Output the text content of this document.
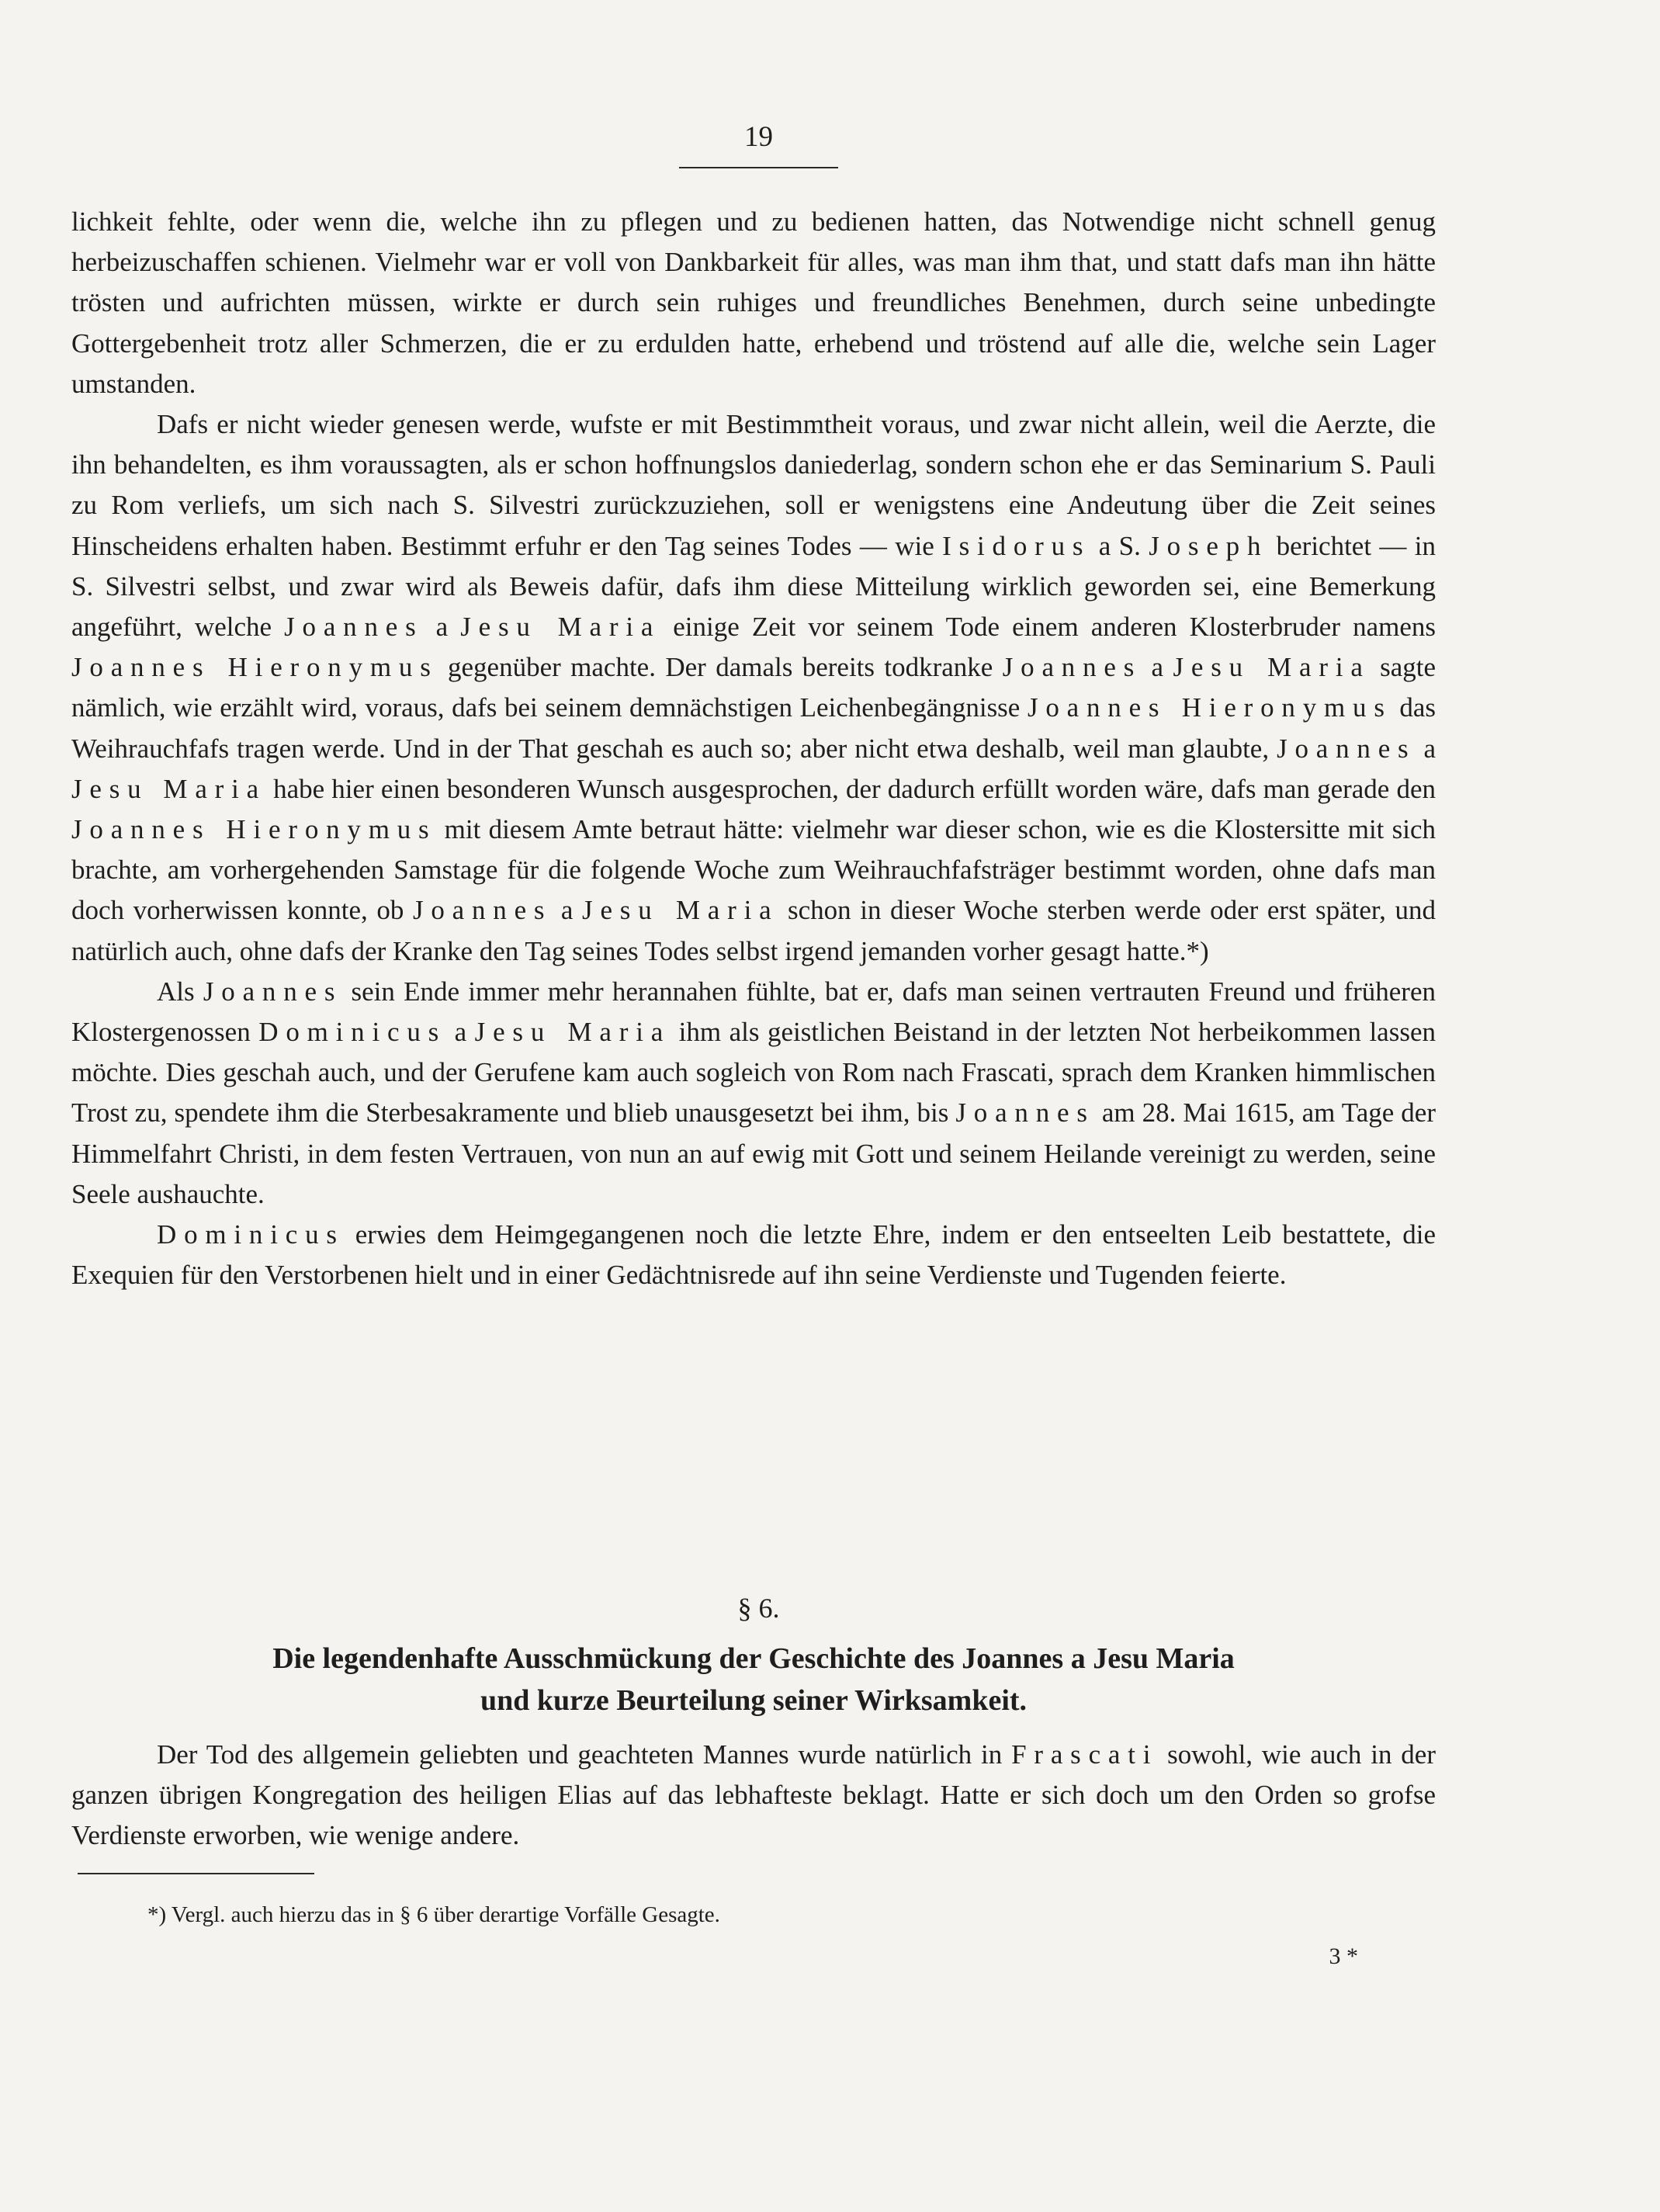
19

lichkeit fehlte, oder wenn die, welche ihn zu pflegen und zu bedienen hatten, das Notwendige nicht schnell genug herbeizuschaffen schienen. Vielmehr war er voll von Dankbarkeit für alles, was man ihm that, und statt dafs man ihn hätte trösten und aufrichten müssen, wirkte er durch sein ruhiges und freundliches Benehmen, durch seine unbedingte Gottergebenheit trotz aller Schmerzen, die er zu erdulden hatte, erhebend und tröstend auf alle die, welche sein Lager umstanden.

Dafs er nicht wieder genesen werde, wufste er mit Bestimmtheit voraus, und zwar nicht allein, weil die Aerzte, die ihn behandelten, es ihm voraussagten, als er schon hoffnungslos daniederlag, sondern schon ehe er das Seminarium S. Pauli zu Rom verliefs, um sich nach S. Silvestri zurückzuziehen, soll er wenigstens eine Andeutung über die Zeit seines Hinscheidens erhalten haben. Bestimmt erfuhr er den Tag seines Todes — wie Isidorus a S. Joseph berichtet — in S. Silvestri selbst, und zwar wird als Beweis dafür, dafs ihm diese Mitteilung wirklich geworden sei, eine Bemerkung angeführt, welche Joannes a Jesu Maria einige Zeit vor seinem Tode einem anderen Klosterbruder namens Joannes Hieronymus gegenüber machte. Der damals bereits todkranke Joannes a Jesu Maria sagte nämlich, wie erzählt wird, voraus, dafs bei seinem demnächstigen Leichenbegängnisse Joannes Hieronymus das Weihrauchfafs tragen werde. Und in der That geschah es auch so; aber nicht etwa deshalb, weil man glaubte, Joannes a Jesu Maria habe hier einen besonderen Wunsch ausgesprochen, der dadurch erfüllt worden wäre, dafs man gerade den Joannes Hieronymus mit diesem Amte betraut hätte: vielmehr war dieser schon, wie es die Klostersitte mit sich brachte, am vorhergehenden Samstage für die folgende Woche zum Weihrauchfafsträger bestimmt worden, ohne dafs man doch vorherwissen konnte, ob Joannes a Jesu Maria schon in dieser Woche sterben werde oder erst später, und natürlich auch, ohne dafs der Kranke den Tag seines Todes selbst irgend jemanden vorher gesagt hatte.*)

Als Joannes sein Ende immer mehr herannahen fühlte, bat er, dafs man seinen vertrauten Freund und früheren Klostergenossen Dominicus a Jesu Maria ihm als geistlichen Beistand in der letzten Not herbeikommen lassen möchte. Dies geschah auch, und der Gerufene kam auch sogleich von Rom nach Frascati, sprach dem Kranken himmlischen Trost zu, spendete ihm die Sterbesakramente und blieb unausgesetzt bei ihm, bis Joannes am 28. Mai 1615, am Tage der Himmelfahrt Christi, in dem festen Vertrauen, von nun an auf ewig mit Gott und seinem Heilande vereinigt zu werden, seine Seele aushauchte.

Dominicus erwies dem Heimgegangenen noch die letzte Ehre, indem er den entseelten Leib bestattete, die Exequien für den Verstorbenen hielt und in einer Gedächtnisrede auf ihn seine Verdienste und Tugenden feierte.

§ 6.
Die legendenhafte Ausschmückung der Geschichte des Joannes a Jesu Maria
und kurze Beurteilung seiner Wirksamkeit.

Der Tod des allgemein geliebten und geachteten Mannes wurde natürlich in Frascati sowohl, wie auch in der ganzen übrigen Kongregation des heiligen Elias auf das lebhafteste beklagt. Hatte er sich doch um den Orden so grofse Verdienste erworben, wie wenige andere.

*) Vergl. auch hierzu das in § 6 über derartige Vorfälle Gesagte.
3 *
